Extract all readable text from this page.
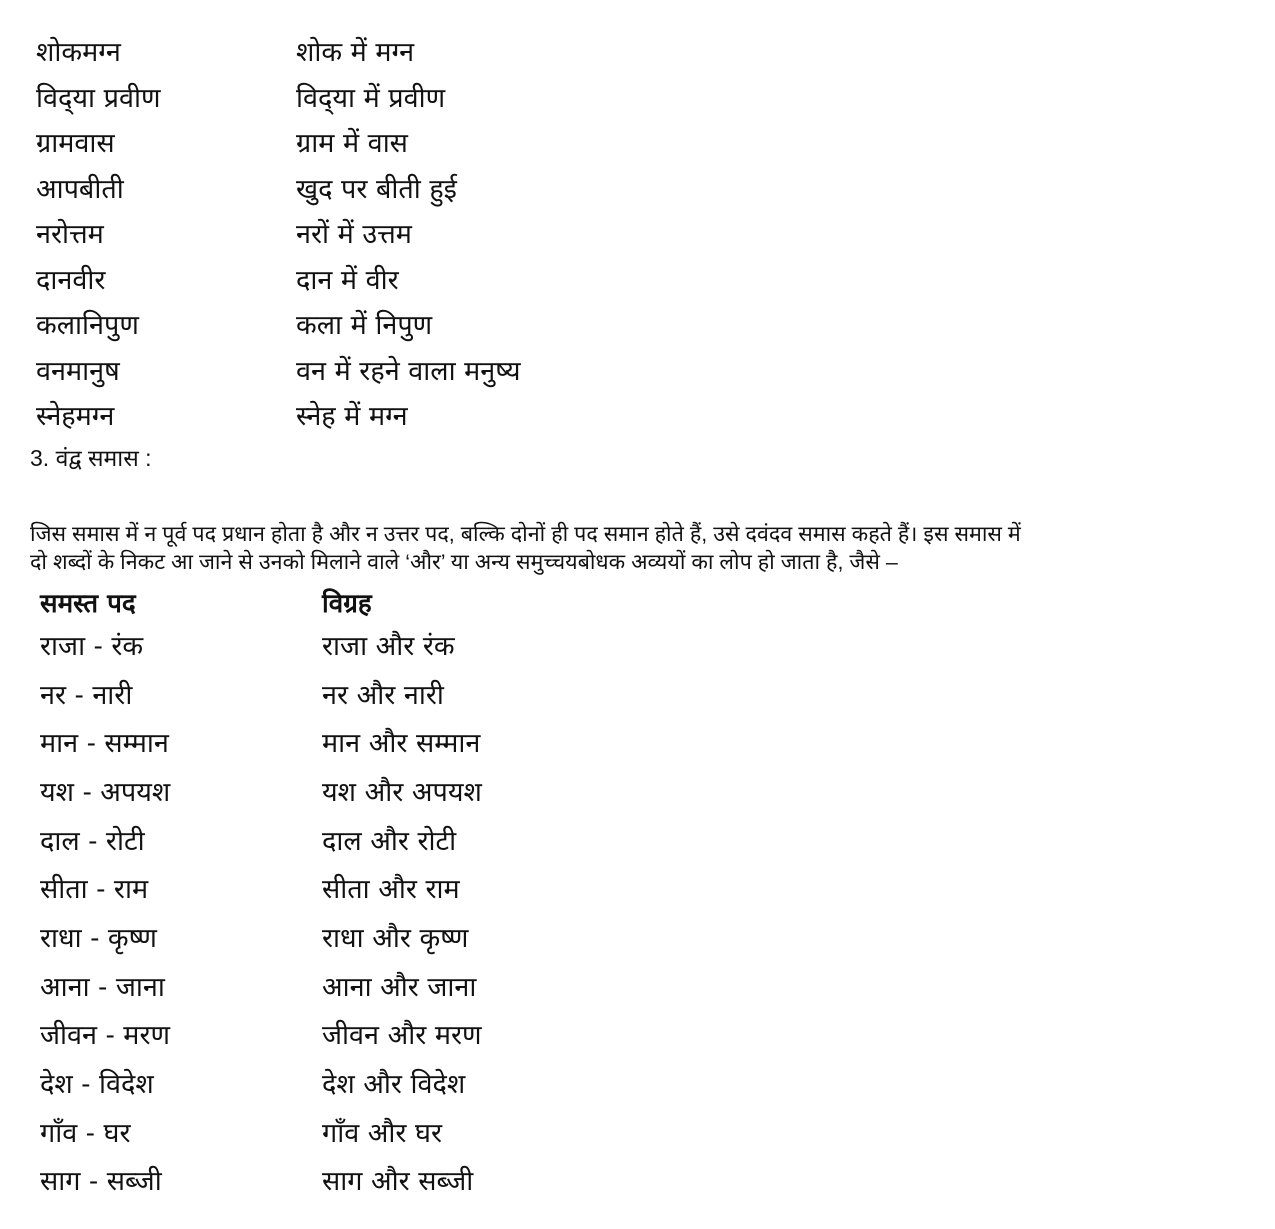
शोकमग्न	शोक में मग्न
विद्‌या प्रवीण	विद्‌या में प्रवीण
ग्रामवास	ग्राम में वास
आपबीती	खुद पर बीती हुई
नरोत्तम	नरों में उत्तम
दानवीर	दान में वीर
कलानिपुण	कला में निपुण
वनमानुष	वन में रहने वाला मनुष्य
स्नेहमग्न	स्नेह में मग्न
3. वंद्व समास :

जिस समास में न पूर्व पद प्रधान होता है और न उत्तर पद, बल्कि दोनों ही पद समान होते हैं, उसे दवंदव समास कहते हैं। इस समास में
दो शब्दों के निकट आ जाने से उनको मिलाने वाले ‘और’ या अन्य समुच्चयबोधक अव्ययों का लोप हो जाता है, जैसे –

समस्त पद	विग्रह
राजा - रंक	राजा और रंक
नर - नारी	नर और नारी
मान - सम्मान	मान और सम्मान
यश - अपयश	यश और अपयश
दाल - रोटी	दाल और रोटी
सीता - राम	सीता और राम
राधा - कृष्ण	राधा और कृष्ण
आना - जाना	आना और जाना
जीवन - मरण	जीवन और मरण
देश - विदेश	देश और विदेश
गाँव - घर	गाँव और घर
साग - सब्जी	साग और सब्जी
